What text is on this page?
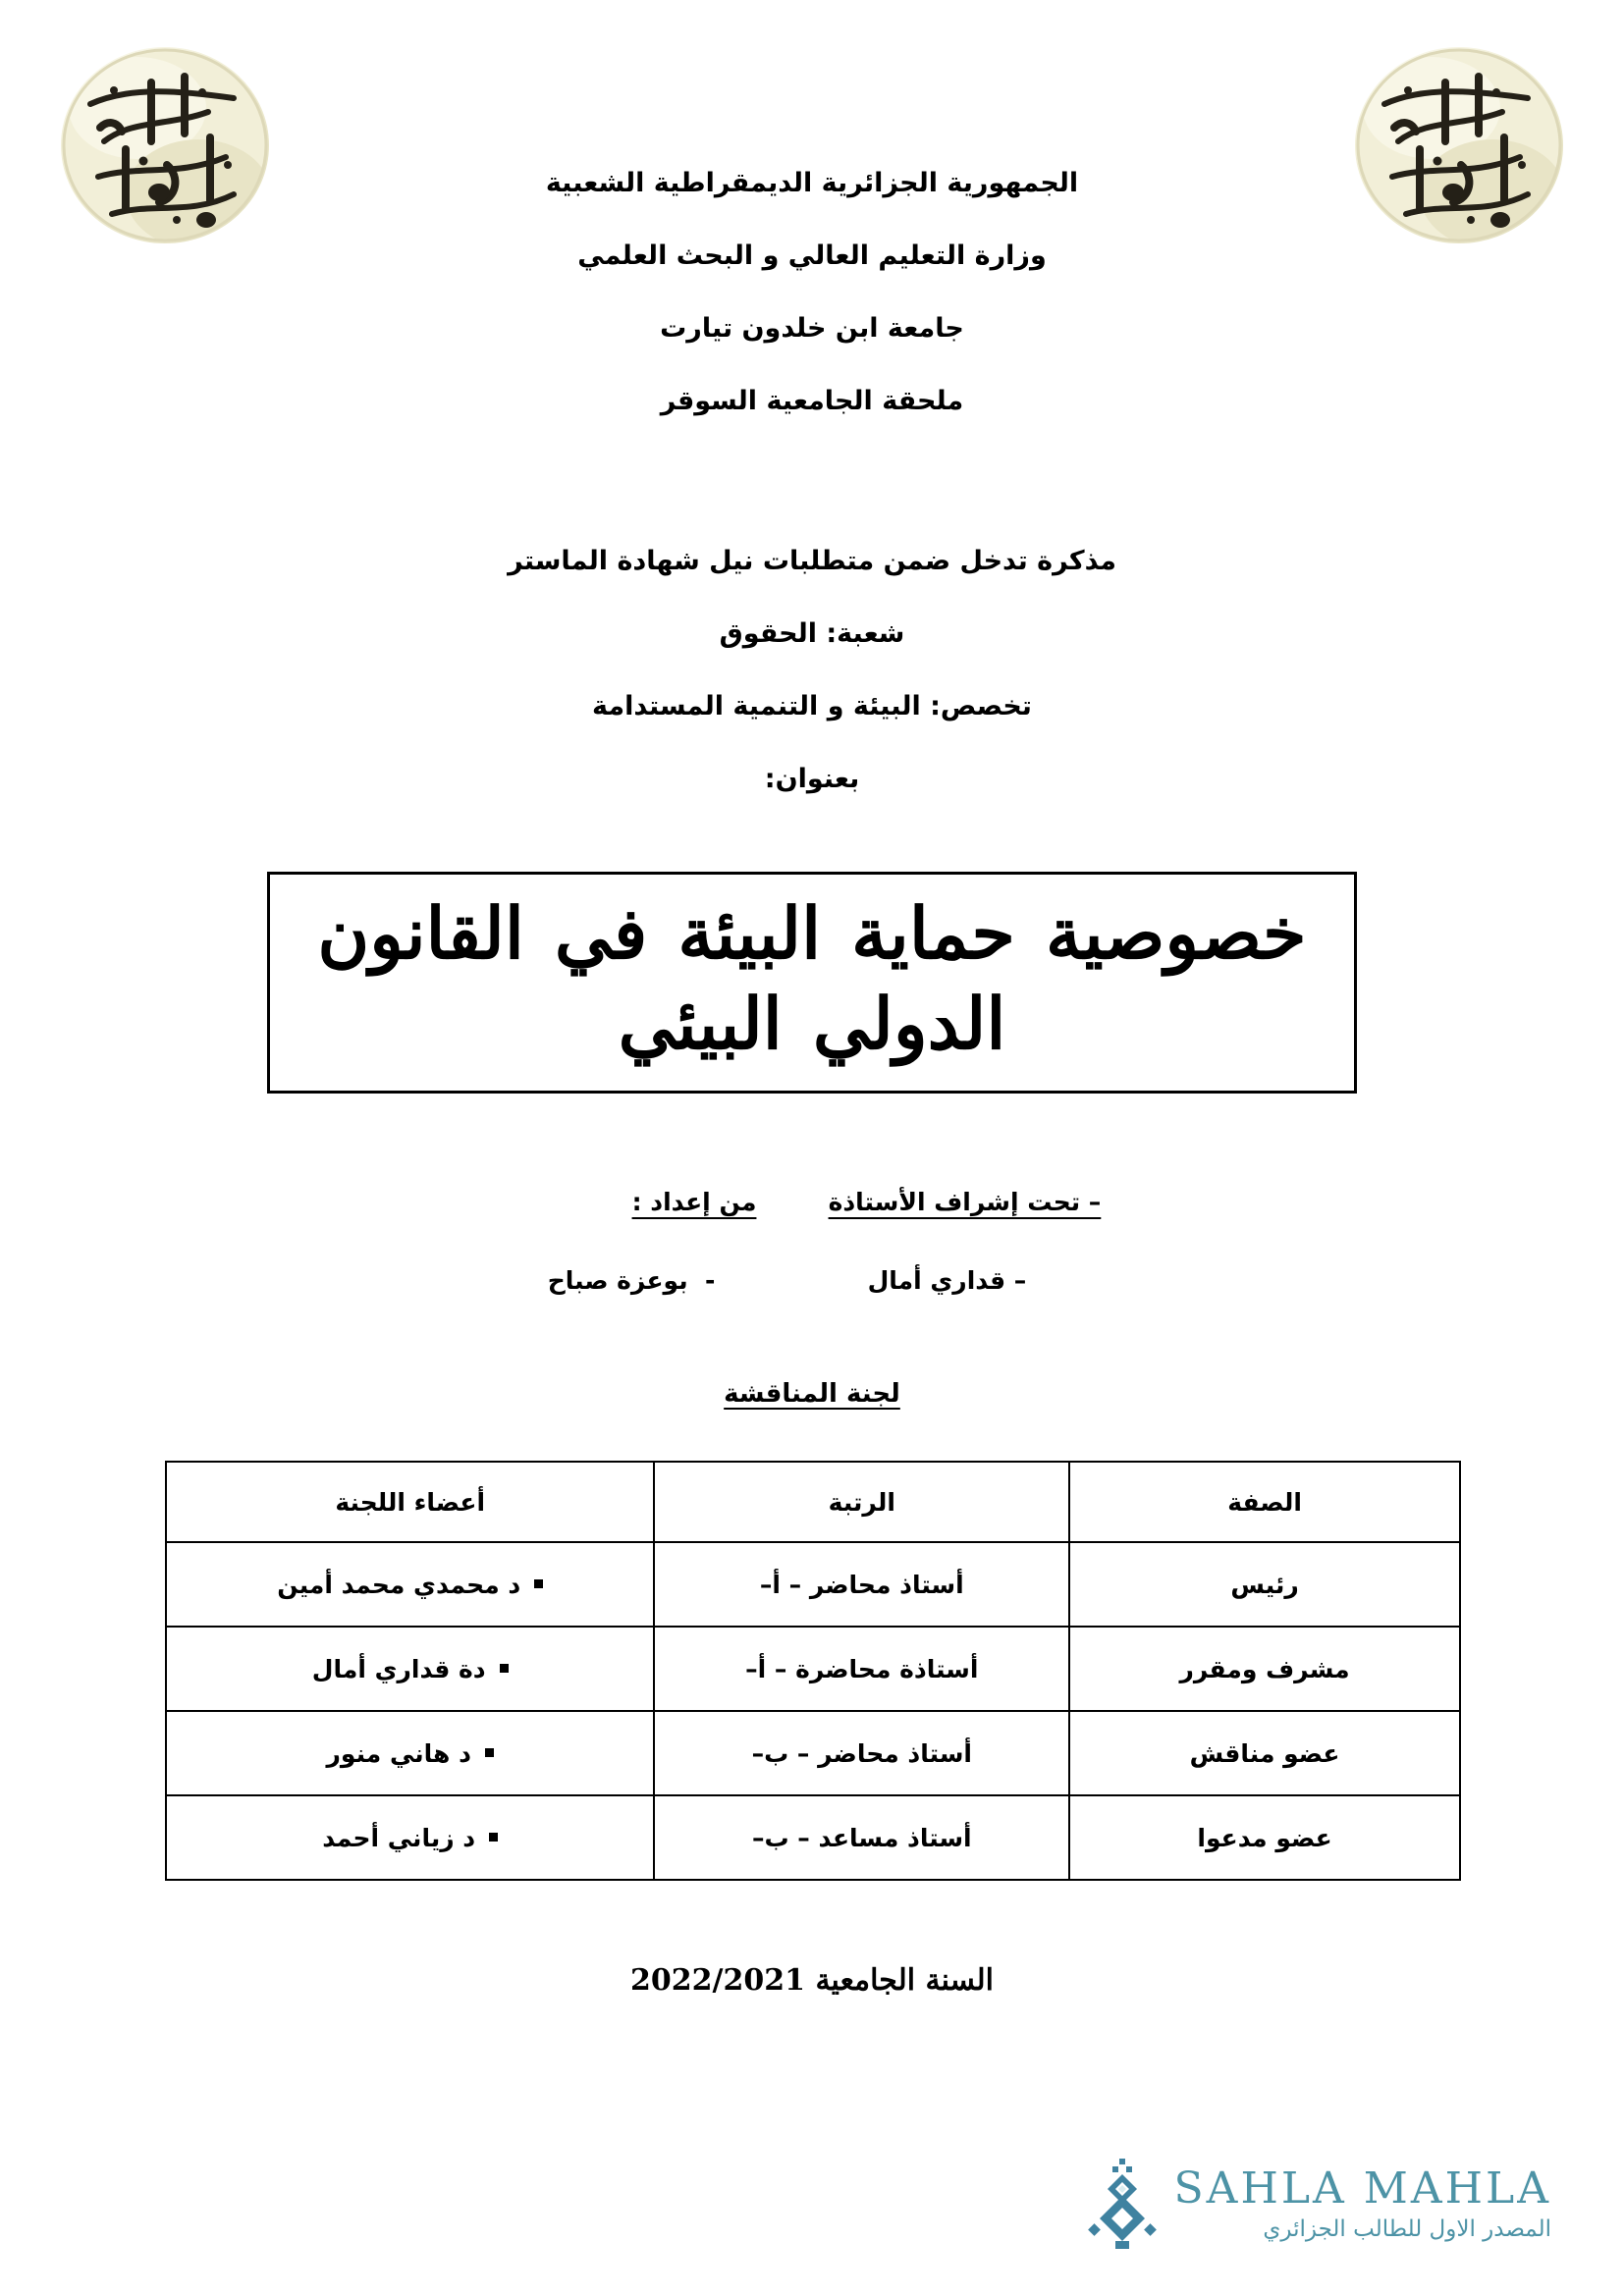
الجمهورية الجزائرية الديمقراطية الشعبية
وزارة التعليم العالي و البحث العلمي
جامعة ابن خلدون تيارت
ملحقة الجامعية السوقر
مذكرة تدخل ضمن متطلبات نيل شهادة الماستر
شعبة: الحقوق
تخصص: البيئة و التنمية المستدامة
بعنوان:
خصوصية حماية البيئة في القانون الدولي البيئي
– تحت إشراف الأستاذة
– قداري أمال
من إعداد :
-  بوعزة صباح
لجنة المناقشة
الصفة	الرتبة	أعضاء اللجنة
رئيس	أستاذ محاضر – أ–	د محمدي محمد أمين
مشرف ومقرر	أستاذة محاضرة – أ–	دة قداري أمال
عضو مناقش	أستاذ محاضر – ب–	د هاني منور
عضو مدعوا	أستاذ مساعد – ب–	د زياني أحمد
السنة الجامعية 2022/2021
SAHLA MAHLA
المصدر الاول للطالب الجزائري
